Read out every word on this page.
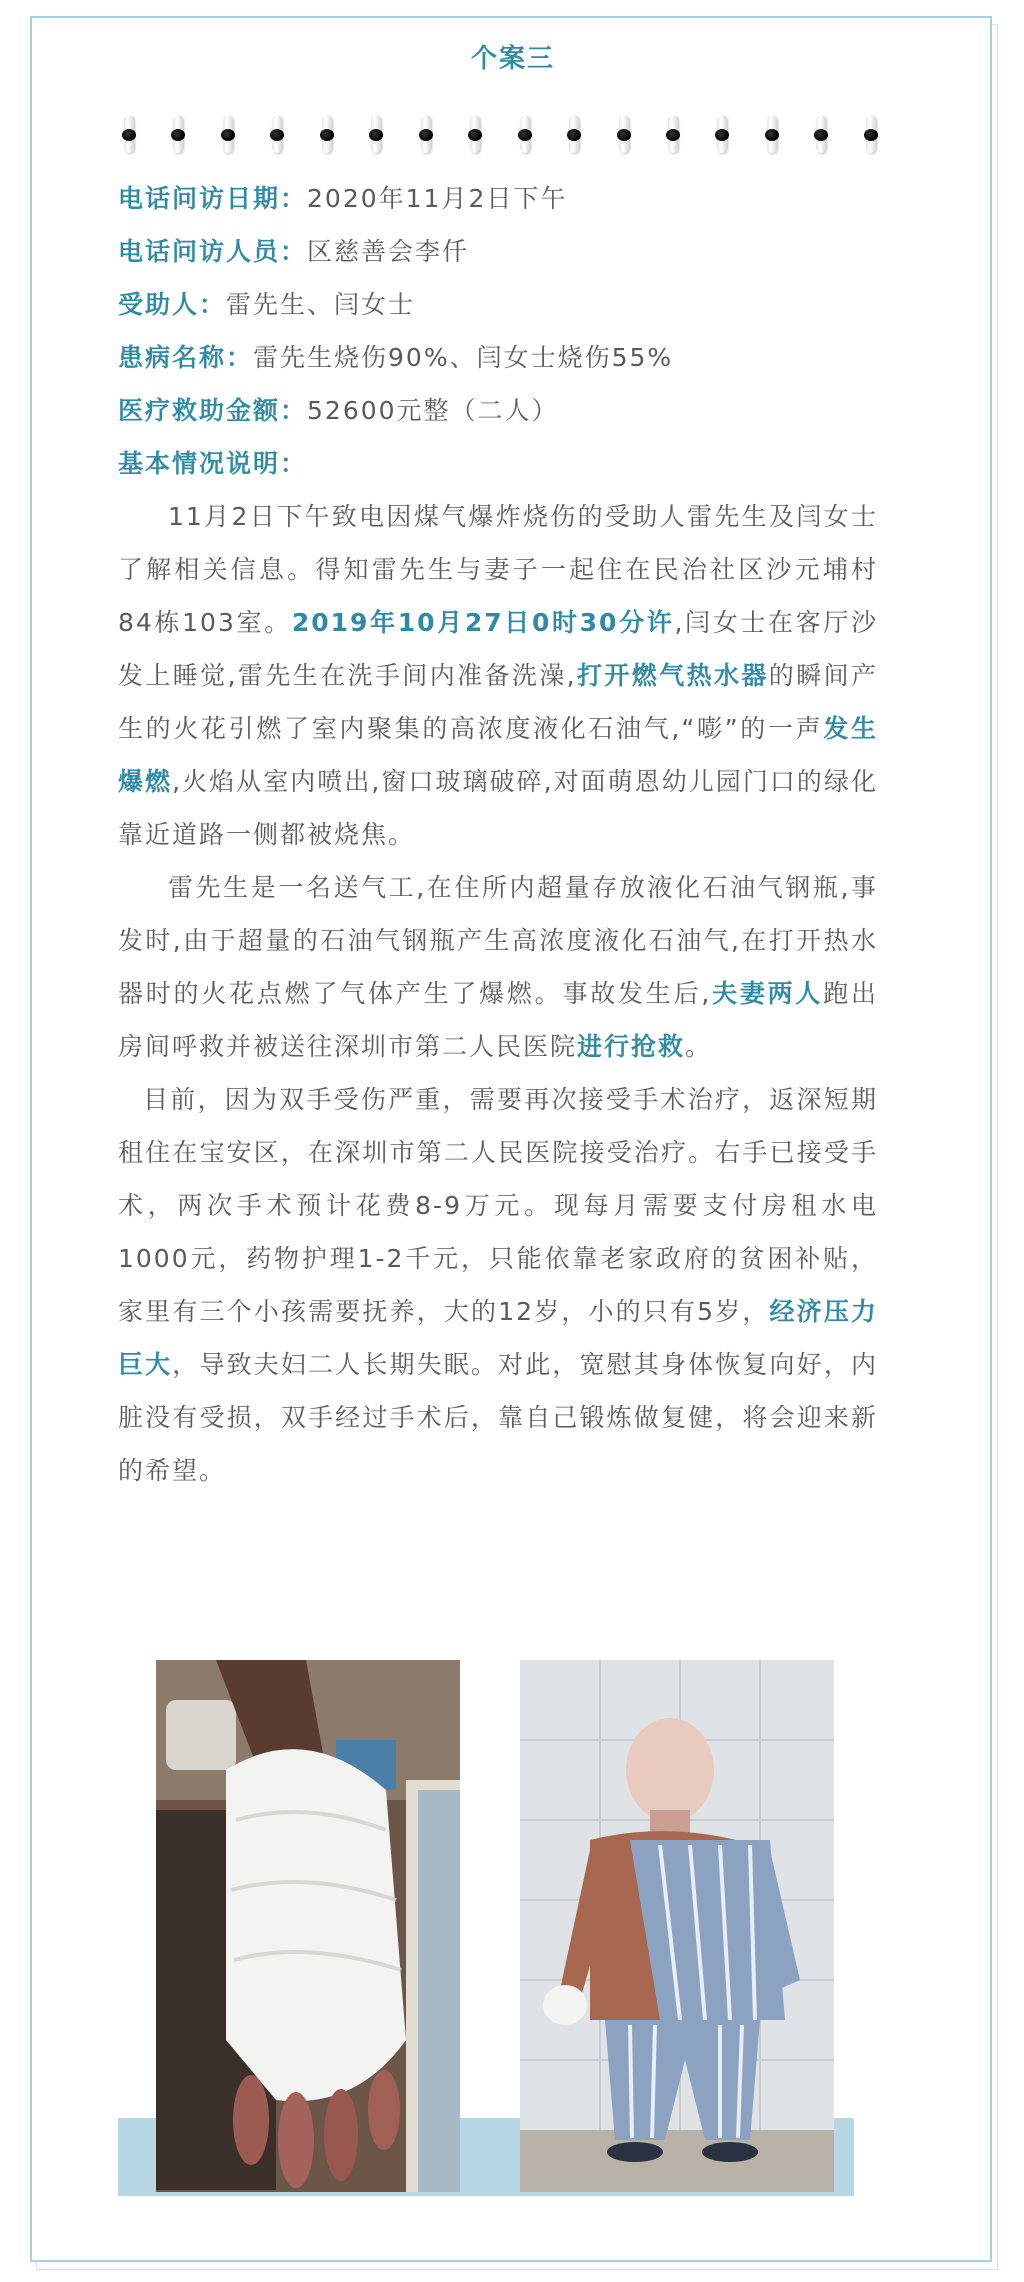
个案三
电话问访日期：2020年11月2日下午
电话问访人员：区慈善会李仟
受助人：雷先生、闫女士
患病名称：雷先生烧伤90%、闫女士烧伤55%
医疗救助金额：52600元整（二人）
基本情况说明：

11月2日下午致电因煤气爆炸烧伤的受助人雷先生及闫女士了解相关信息。得知雷先生与妻子一起住在民治社区沙元埔村84栋103室。2019年10月27日0时30分许,闫女士在客厅沙发上睡觉,雷先生在洗手间内准备洗澡,打开燃气热水器的瞬间产生的火花引燃了室内聚集的高浓度液化石油气,“嘭”的一声发生爆燃,火焰从室内喷出,窗口玻璃破碎,对面萌恩幼儿园门口的绿化靠近道路一侧都被烧焦。

雷先生是一名送气工,在住所内超量存放液化石油气钢瓶,事发时,由于超量的石油气钢瓶产生高浓度液化石油气,在打开热水器时的火花点燃了气体产生了爆燃。事故发生后,夫妻两人跑出房间呼救并被送往深圳市第二人民医院进行抢救。

目前，因为双手受伤严重，需要再次接受手术治疗，返深短期租住在宝安区，在深圳市第二人民医院接受治疗。右手已接受手术，两次手术预计花费8-9万元。现每月需要支付房租水电1000元，药物护理1-2千元，只能依靠老家政府的贫困补贴，家里有三个小孩需要抚养，大的12岁，小的只有5岁，经济压力巨大，导致夫妇二人长期失眠。对此，宽慰其身体恢复向好，内脏没有受损，双手经过手术后，靠自己锻炼做复健，将会迎来新的希望。
